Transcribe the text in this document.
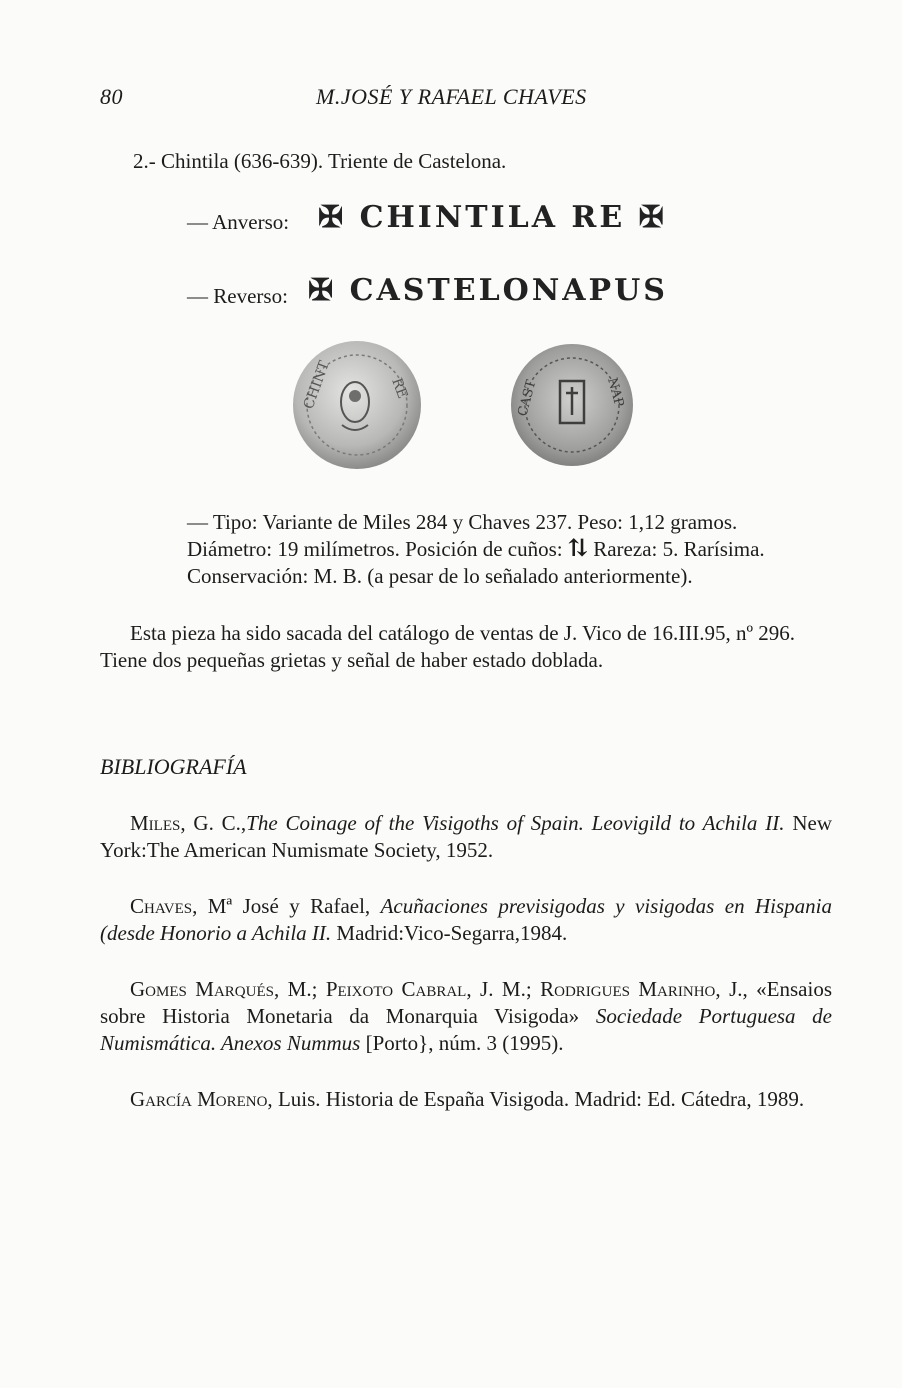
80	M.JOSÉ Y RAFAEL CHAVES
2.- Chintila (636-639). Triente de Castelona.
— Anverso: ✠ CHINTILA RE ✠
— Reverso: ✠ CASTELONAPUS
CHINT	RE	CAST	NAP
— Tipo: Variante de Miles 284 y Chaves 237. Peso: 1,12 gramos.
Diámetro: 19 milímetros. Posición de cuños: ⇅ Rareza: 5. Rarísima.
Conservación: M. B. (a pesar de lo señalado anteriormente).
Esta pieza ha sido sacada del catálogo de ventas de J. Vico de 16.III.95, nº 296.
Tiene dos pequeñas grietas y señal de haber estado doblada.
BIBLIOGRAFÍA
Miles, G. C.,The Coinage of the Visigoths of Spain. Leovigild to Achila II. New
York:The American Numismate Society, 1952.
Chaves, Mª José y Rafael, Acuñaciones previsigodas y visigodas en Hispania
(desde Honorio a Achila II. Madrid:Vico-Segarra,1984.
Gomes Marqués, M.; Peixoto Cabral, J. M.; Rodrigues Marinho, J., «Ensaios
sobre Historia Monetaria da Monarquia Visigoda» Sociedade Portuguesa de
Numismática. Anexos Nummus [Porto}, núm. 3 (1995).
García Moreno, Luis. Historia de España Visigoda. Madrid: Ed. Cátedra, 1989.
